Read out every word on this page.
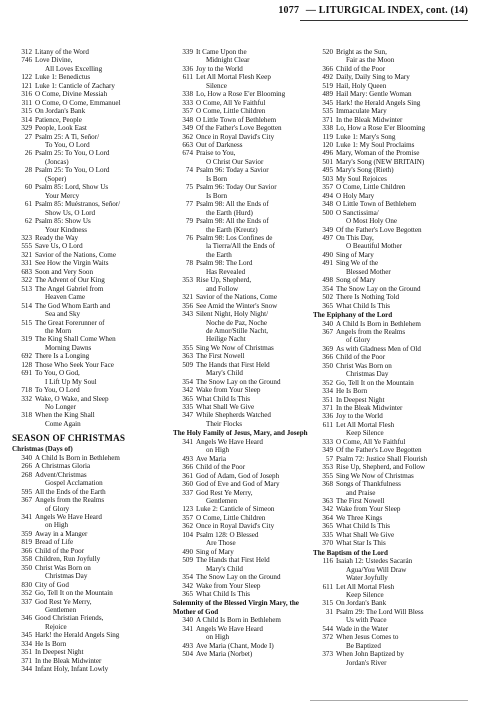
1077 — LITURGICAL INDEX, cont. (14)
312 Litany of the Word
746 Love Divine,
All Loves Excelling
122 Luke 1: Benedictus
121 Luke 1: Canticle of Zachary
316 O Come, Divine Messiah
311 O Come, O Come, Emmanuel
315 On Jordan's Bank
314 Patience, People
329 People, Look East
27 Psalm 25: A Ti, Señor/
To You, O Lord
26 Psalm 25: To You, O Lord
(Joncas)
28 Psalm 25: To You, O Lord
(Soper)
60 Psalm 85: Lord, Show Us
Your Mercy
61 Psalm 85: Muéstranos, Señor/
Show Us, O Lord
62 Psalm 85: Show Us
Your Kindness
323 Ready the Way
555 Save Us, O Lord
321 Savior of the Nations, Come
331 See How the Virgin Waits
683 Soon and Very Soon
322 The Advent of Our King
513 The Angel Gabriel from
Heaven Came
514 The God Whom Earth and
Sea and Sky
515 The Great Forerunner of
the Morn
319 The King Shall Come When
Morning Dawns
692 There Is a Longing
128 Those Who Seek Your Face
691 To You, O God,
I Lift Up My Soul
718 To You, O Lord
332 Wake, O Wake, and Sleep
No Longer
318 When the King Shall
Come Again
SEASON OF CHRISTMAS
Christmas (Days of)
340 A Child Is Born in Bethlehem
266 A Christmas Gloria
268 Advent/Christmas
Gospel Acclamation
595 All the Ends of the Earth
367 Angels from the Realms
of Glory
341 Angels We Have Heard
on High
359 Away in a Manger
819 Bread of Life
366 Child of the Poor
358 Children, Run Joyfully
350 Christ Was Born on
Christmas Day
830 City of God
352 Go, Tell It on the Mountain
337 God Rest Ye Merry,
Gentlemen
346 Good Christian Friends,
Rejoice
345 Hark! the Herald Angels Sing
334 He Is Born
351 In Deepest Night
371 In the Bleak Midwinter
344 Infant Holy, Infant Lowly
339 It Came Upon the
Midnight Clear
336 Joy to the World
611 Let All Mortal Flesh Keep
Silence
338 Lo, How a Rose E'er Blooming
333 O Come, All Ye Faithful
357 O Come, Little Children
348 O Little Town of Bethlehem
349 Of the Father's Love Begotten
362 Once in Royal David's City
663 Out of Darkness
674 Praise to You,
O Christ Our Savior
74 Psalm 96: Today a Savior
Is Born
75 Psalm 96: Today Our Savior
Is Born
77 Psalm 98: All the Ends of
the Earth (Hurd)
79 Psalm 98: All the Ends of
the Earth (Kreutz)
76 Psalm 98: Los Confines de
la Tierra/All the Ends of
the Earth
78 Psalm 98: The Lord
Has Revealed
353 Rise Up, Shepherd,
and Follow
321 Savior of the Nations, Come
356 See Amid the Winter's Snow
343 Silent Night, Holy Night/
Noche de Paz, Noche
de Amor/Stille Nacht,
Heilige Nacht
355 Sing We Now of Christmas
363 The First Nowell
509 The Hands that First Held
Mary's Child
354 The Snow Lay on the Ground
342 Wake from Your Sleep
365 What Child Is This
335 What Shall We Give
347 While Shepherds Watched
Their Flocks
The Holy Family of Jesus, Mary, and Joseph
341 Angels We Have Heard
on High
493 Ave Maria
366 Child of the Poor
361 God of Adam, God of Joseph
360 God of Eve and God of Mary
337 God Rest Ye Merry,
Gentlemen
123 Luke 2: Canticle of Simeon
357 O Come, Little Children
362 Once in Royal David's City
104 Psalm 128: O Blessed
Are Those
490 Sing of Mary
509 The Hands that First Held
Mary's Child
354 The Snow Lay on the Ground
342 Wake from Your Sleep
365 What Child Is This
Solemnity of the Blessed Virgin Mary, the Mother of God
340 A Child Is Born in Bethlehem
341 Angels We Have Heard
on High
493 Ave Maria (Chant, Mode I)
504 Ave Maria (Norbet)
520 Bright as the Sun,
Fair as the Moon
366 Child of the Poor
492 Daily, Daily Sing to Mary
519 Hail, Holy Queen
489 Hail Mary: Gentle Woman
345 Hark! the Herald Angels Sing
535 Immaculate Mary
371 In the Bleak Midwinter
338 Lo, How a Rose E'er Blooming
119 Luke 1: Mary's Song
120 Luke 1: My Soul Proclaims
496 Mary, Woman of the Promise
501 Mary's Song (NEW BRITAIN)
495 Mary's Song (Rieth)
503 My Soul Rejoices
357 O Come, Little Children
494 O Holy Mary
348 O Little Town of Bethlehem
500 O Sanctissima/
O Most Holy One
349 Of the Father's Love Begotten
497 On This Day,
O Beautiful Mother
490 Sing of Mary
491 Sing We of the
Blessed Mother
498 Song of Mary
354 The Snow Lay on the Ground
502 There Is Nothing Told
365 What Child Is This
The Epiphany of the Lord
340 A Child Is Born in Bethlehem
367 Angels from the Realms
of Glory
369 As with Gladness Men of Old
366 Child of the Poor
350 Christ Was Born on
Christmas Day
352 Go, Tell It on the Mountain
334 He Is Born
351 In Deepest Night
371 In the Bleak Midwinter
336 Joy to the World
611 Let All Mortal Flesh
Keep Silence
333 O Come, All Ye Faithful
349 Of the Father's Love Begotten
57 Psalm 72: Justice Shall Flourish
353 Rise Up, Shepherd, and Follow
355 Sing We Now of Christmas
368 Songs of Thankfulness
and Praise
363 The First Nowell
342 Wake from Your Sleep
364 We Three Kings
365 What Child Is This
335 What Shall We Give
370 What Star Is This
The Baptism of the Lord
116 Isaiah 12: Ustedes Sacarán
Agua/You Will Draw
Water Joyfully
611 Let All Mortal Flesh
Keep Silence
315 On Jordan's Bank
31 Psalm 29: The Lord Will Bless
Us with Peace
544 Wade in the Water
372 When Jesus Comes to
Be Baptized
373 When John Baptized by
Jordan's River
